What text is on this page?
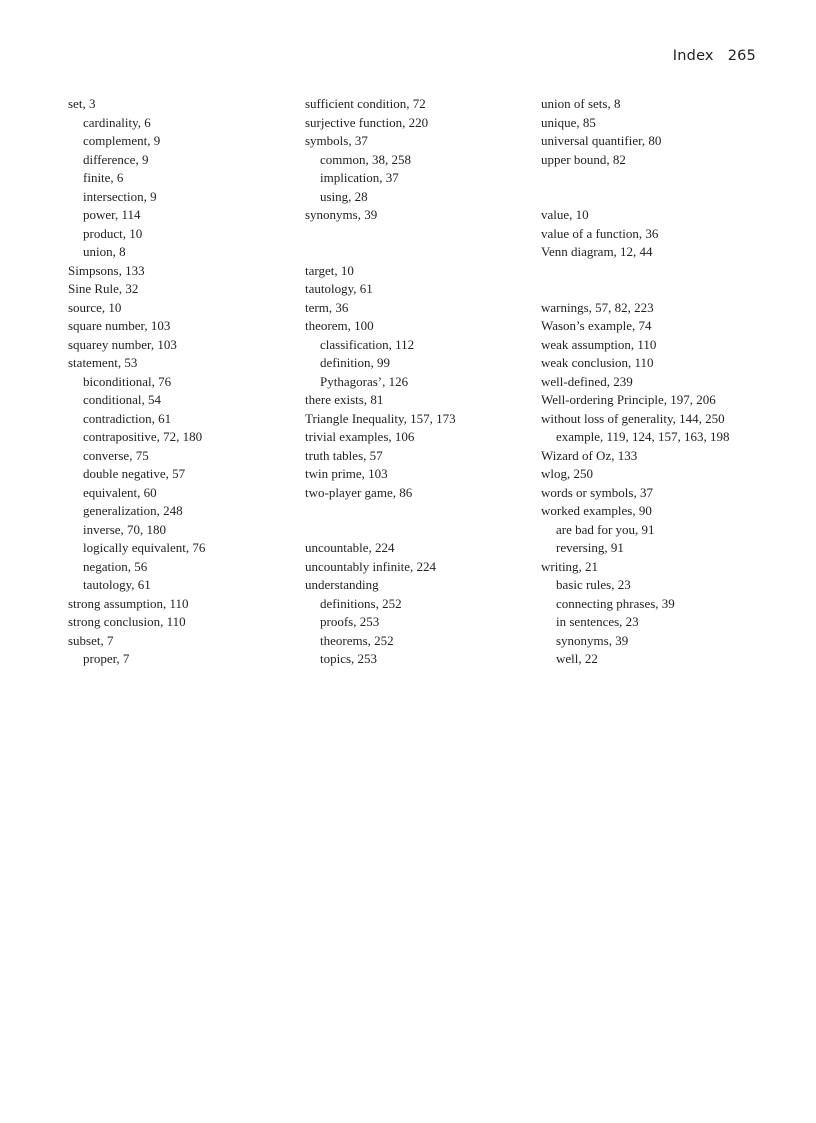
Index 265
set, 3
cardinality, 6
complement, 9
difference, 9
finite, 6
intersection, 9
power, 114
product, 10
union, 8
Simpsons, 133
Sine Rule, 32
source, 10
square number, 103
squarey number, 103
statement, 53
biconditional, 76
conditional, 54
contradiction, 61
contrapositive, 72, 180
converse, 75
double negative, 57
equivalent, 60
generalization, 248
inverse, 70, 180
logically equivalent, 76
negation, 56
tautology, 61
strong assumption, 110
strong conclusion, 110
subset, 7
proper, 7
sufficient condition, 72
surjective function, 220
symbols, 37
common, 38, 258
implication, 37
using, 28
synonyms, 39
target, 10
tautology, 61
term, 36
theorem, 100
classification, 112
definition, 99
Pythagoras’, 126
there exists, 81
Triangle Inequality, 157, 173
trivial examples, 106
truth tables, 57
twin prime, 103
two-player game, 86
uncountable, 224
uncountably infinite, 224
understanding
definitions, 252
proofs, 253
theorems, 252
topics, 253
union of sets, 8
unique, 85
universal quantifier, 80
upper bound, 82
value, 10
value of a function, 36
Venn diagram, 12, 44
warnings, 57, 82, 223
Wason’s example, 74
weak assumption, 110
weak conclusion, 110
well-defined, 239
Well-ordering Principle, 197, 206
without loss of generality, 144, 250
example, 119, 124, 157, 163, 198
Wizard of Oz, 133
wlog, 250
words or symbols, 37
worked examples, 90
are bad for you, 91
reversing, 91
writing, 21
basic rules, 23
connecting phrases, 39
in sentences, 23
synonyms, 39
well, 22
